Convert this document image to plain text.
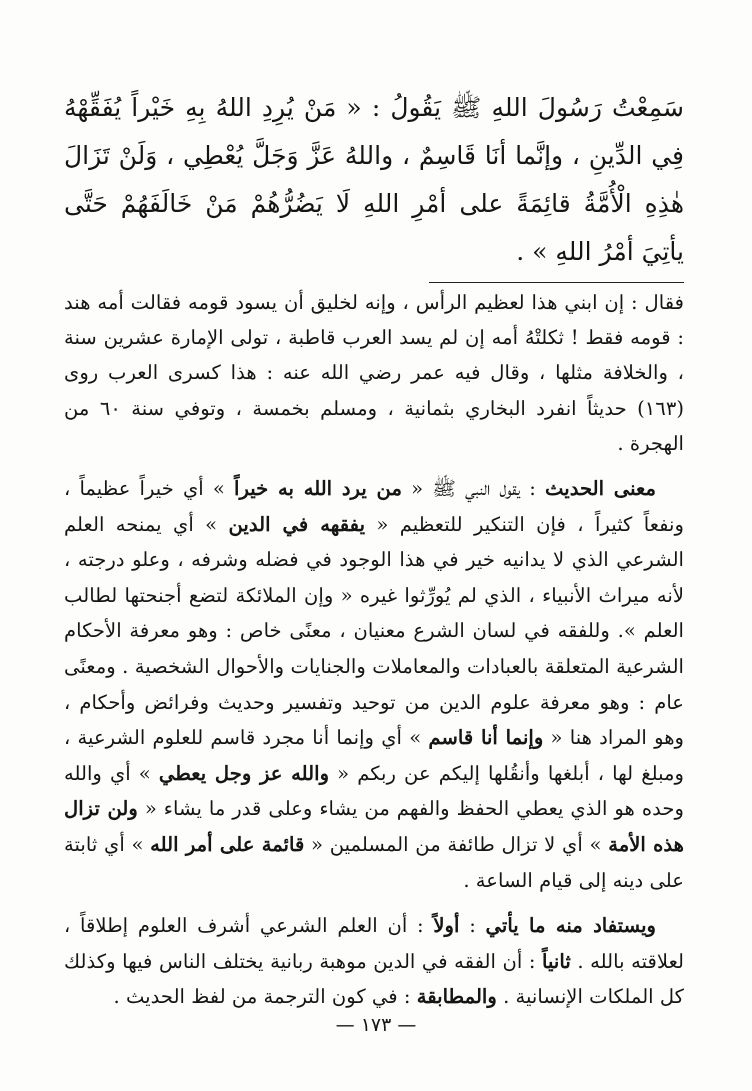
سَمِعْتُ رَسُولَ اللهِ ﷺ يَقُولُ : « مَنْ يُرِدِ اللهُ بِهِ خَيْراً يُفَقِّهْهُ فِي الدِّينِ ، وإنَّما أنَا قَاسِمٌ ، واللهُ عَزَّ وَجَلَّ يُعْطِي ، وَلَنْ تَزَالَ هٰذِهِ الْأُمَّةُ قائِمَةً على أمْرِ اللهِ لَا يَضُرُّهُمْ مَنْ خَالَفَهُمْ حَتَّى يأتِيَ أمْرُ اللهِ » .

فقال : إن ابني هذا لعظيم الرأس ، وإنه لخليق أن يسود قومه فقالت أمه هند : قومه فقط ! ثكلتْهُ أمه إن لم يسد العرب قاطبة ، تولى الإمارة عشرين سنة ، والخلافة مثلها ، وقال فيه عمر رضي الله عنه : هذا كسرى العرب روى (١٦٣) حديثاً انفرد البخاري بثمانية ، ومسلم بخمسة ، وتوفي سنة ٦٠ من الهجرة .

معنى الحديث : يقول النبي ﷺ « من يرد الله به خيراً » أي خيراً عظيماً ، ونفعاً كثيراً ، فإن التنكير للتعظيم « يفقهه في الدين » أي يمنحه العلم الشرعي الذي لا يدانيه خير في هذا الوجود في فضله وشرفه ، وعلو درجته ، لأنه ميراث الأنبياء ، الذي لم يُورِّثوا غيره « وإن الملائكة لتضع أجنحتها لطالب العلم ». وللفقه في لسان الشرع معنيان ، معنًى خاص : وهو معرفة الأحكام الشرعية المتعلقة بالعبادات والمعاملات والجنايات والأحوال الشخصية . ومعنًى عام : وهو معرفة علوم الدين من توحيد وتفسير وحديث وفرائض وأحكام ، وهو المراد هنا « وإنما أنا قاسم » أي وإنما أنا مجرد قاسم للعلوم الشرعية ، ومبلغ لها ، أبلغها وأنقُلها إليكم عن ربكم « والله عز وجل يعطي » أي والله وحده هو الذي يعطي الحفظ والفهم من يشاء وعلى قدر ما يشاء « ولن تزال هذه الأمة » أي لا تزال طائفة من المسلمين « قائمة على أمر الله » أي ثابتة على دينه إلى قيام الساعة .

ويستفاد منه ما يأتي : أولاً : أن العلم الشرعي أشرف العلوم إطلاقاً ، لعلاقته بالله . ثانياً : أن الفقه في الدين موهبة ربانية يختلف الناس فيها وكذلك كل الملكات الإنسانية . والمطابقة : في كون الترجمة من لفظ الحديث .

— ١٧٣ —
